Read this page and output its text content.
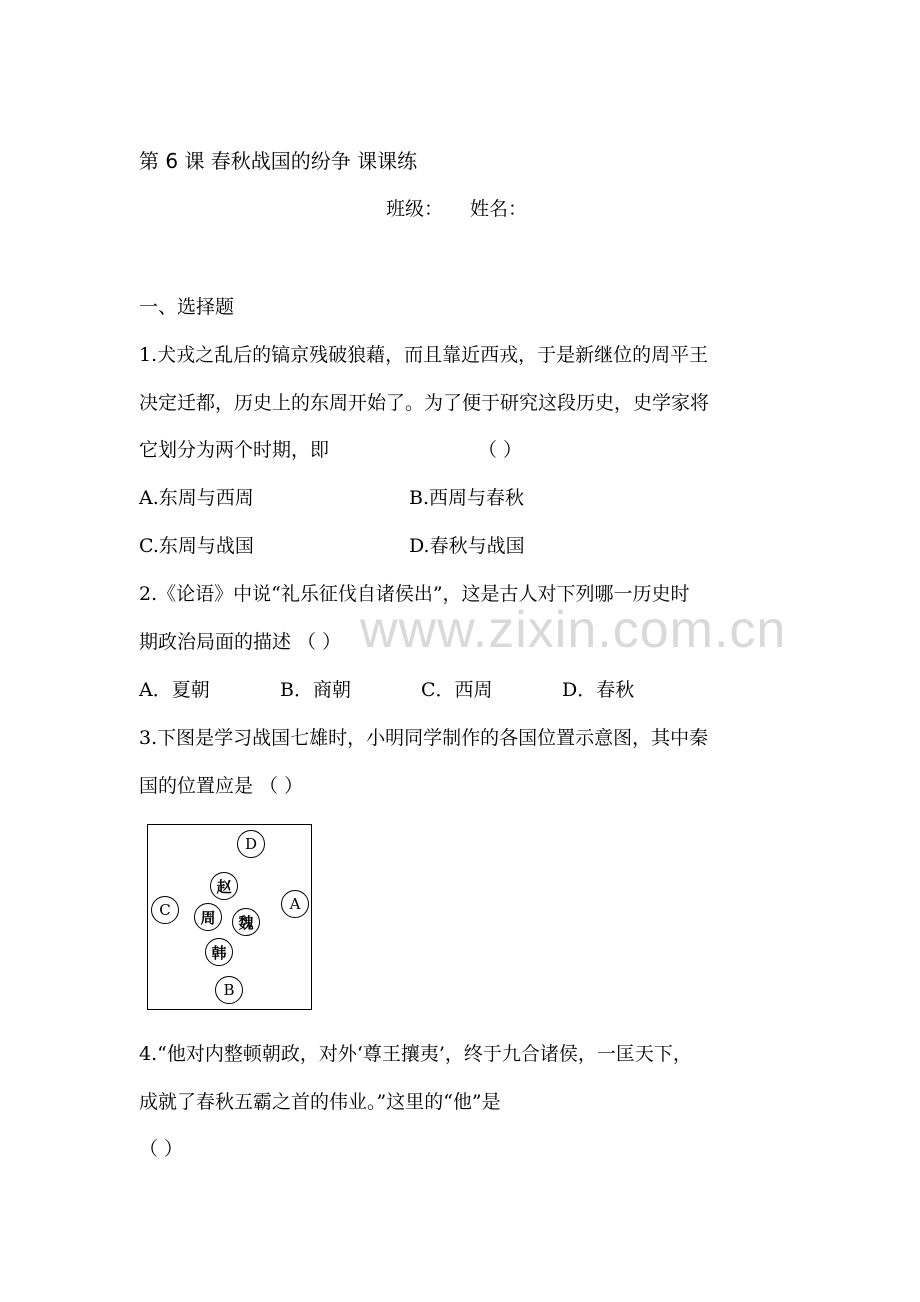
www.zixin.com.cn
第 6 课 春秋战国的纷争 课课练
班级： 姓名：
一、选择题
1.犬戎之乱后的镐京残破狼藉，而且靠近西戎，于是新继位的周平王
决定迁都，历史上的东周开始了。为了便于研究这段历史，史学家将
它划分为两个时期，即	（ ）
A.东周与西周	B.西周与春秋
C.东周与战国	D.春秋与战国
2.《论语》中说“礼乐征伐自诸侯出”，这是古人对下列哪一历史时
期政治局面的描述 （ ）
A．夏朝	B．商朝	C．西周	D．春秋
3.下图是学习战国七雄时，小明同学制作的各国位置示意图，其中秦
国的位置应是 （ ）
D
赵
C	周	魏
A
韩
B
4.“他对内整顿朝政，对外‘尊王攘夷’，终于九合诸侯，一匡天下，
成就了春秋五霸之首的伟业。”这里的“他”是
（ ）
